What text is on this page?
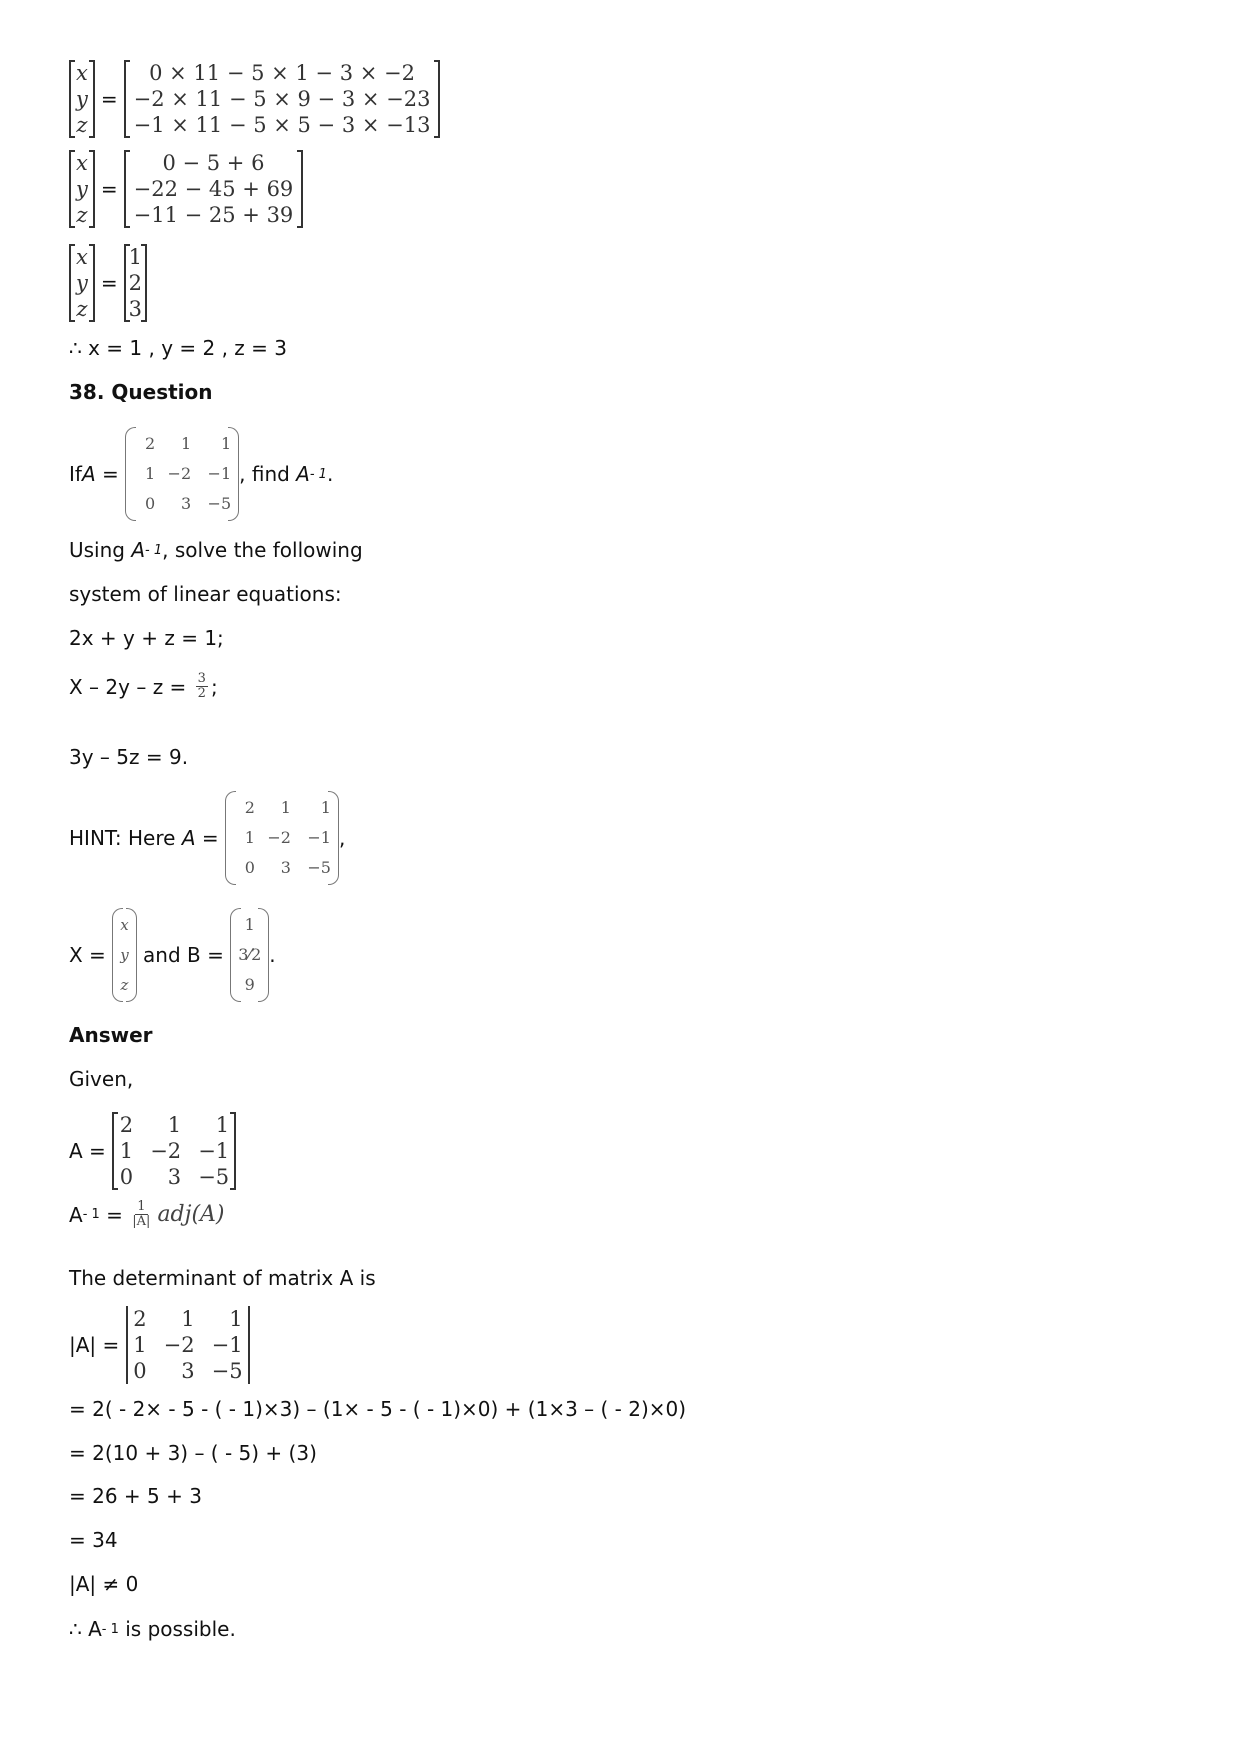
x
y
z
=
0 × 11 − 5 × 1 − 3 × −2
−2 × 11 − 5 × 9 − 3 × −23
−1 × 11 − 5 × 5 − 3 × −13
x
y
z
=
0 − 5 + 6
−22 − 45 + 69
−11 − 25 + 39
x
y
z
=
1
2
3
∴ x = 1 , y = 2 , z = 3
38. Question
If A =
2	1	1
1 −2	−1
0	3	−5
, find A - 1 .
Using A - 1 , solve the following
system of linear equations:
2x + y + z = 1;
$X - 2y - z = \frac{3}{2}$ ;
3y – 5z = 9.
HINT: Here A =
2	1	1
1 −2	−1
0	3	−5
,
X =
x
y
z
and B =
1
3⁄2
9
.
Answer
Given,
A =
2	1	1
1 −2 −1
0	3 −5
$A - 1 = \frac{1}{|A|} adj(A)$
The determinant of matrix A is
|A| =
2	1	1
1 −2 −1
0	3 −5
= 2( - 2× - 5 - ( - 1)×3) – (1× - 5 - ( - 1)×0) + (1×3 – ( - 2)×0)
= 2(10 + 3) – ( - 5) + (3)
= 26 + 5 + 3
= 34
|A| ≠ 0
∴ A - 1 is possible.
